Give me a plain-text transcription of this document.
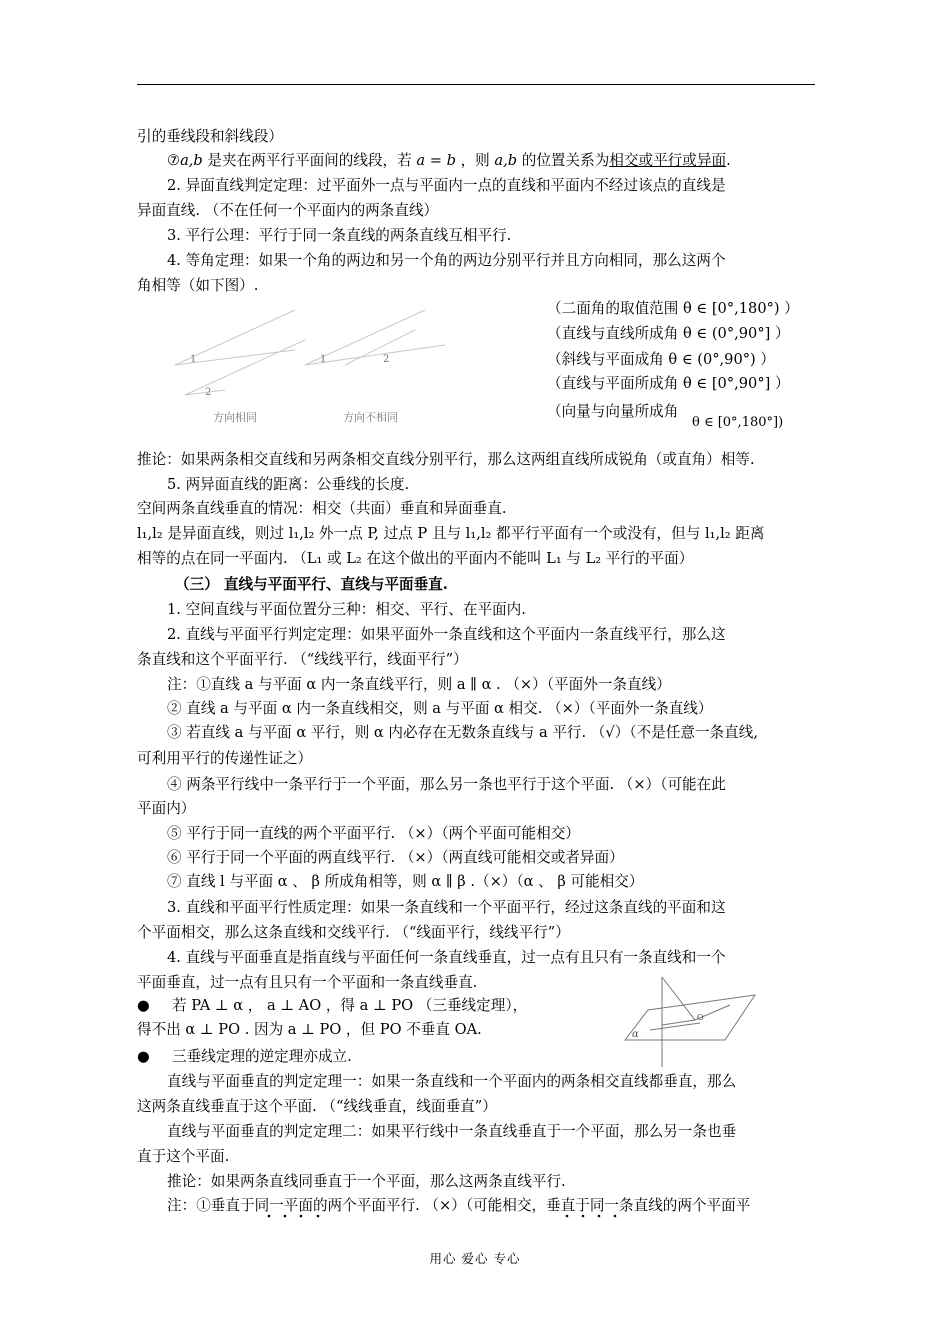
引的垂线段和斜线段）
⑦a,b 是夹在两平行平面间的线段，若 a = b ，则 a,b 的位置关系为相交或平行或异面.
2. 异面直线判定定理：过平面外一点与平面内一点的直线和平面内不经过该点的直线是
异面直线. （不在任何一个平面内的两条直线）
3. 平行公理：平行于同一条直线的两条直线互相平行.
4. 等角定理：如果一个角的两边和另一个角的两边分别平行并且方向相同，那么这两个
角相等（如下图）.
1
2
1	2
方向相同	方向不相同
（二面角的取值范围 θ ∈ [0°,180°) ）
（直线与直线所成角 θ ∈ (0°,90°] ）
（斜线与平面成角 θ ∈ (0°,90°) ）
（直线与平面所成角 θ ∈ [0°,90°] ）
（向量与向量所成角
θ ∈ [0°,180°])
推论：如果两条相交直线和另两条相交直线分别平行，那么这两组直线所成锐角（或直角）相等.
5. 两异面直线的距离：公垂线的长度.
空间两条直线垂直的情况：相交（共面）垂直和异面垂直.
l₁,l₂ 是异面直线，则过 l₁,l₂ 外一点 P, 过点 P 且与 l₁,l₂ 都平行平面有一个或没有，但与 l₁,l₂ 距离
相等的点在同一平面内. （L₁ 或 L₂ 在这个做出的平面内不能叫 L₁ 与 L₂ 平行的平面）
（三） 直线与平面平行、直线与平面垂直.
1. 空间直线与平面位置分三种：相交、平行、在平面内.
2. 直线与平面平行判定定理：如果平面外一条直线和这个平面内一条直线平行，那么这
条直线和这个平面平行. （“线线平行，线面平行”）
注：①直线 a 与平面 α 内一条直线平行，则 a ∥ α . （×）（平面外一条直线）
② 直线 a 与平面 α 内一条直线相交，则 a 与平面 α 相交. （×）（平面外一条直线）
③ 若直线 a 与平面 α 平行，则 α 内必存在无数条直线与 a 平行. （√）（不是任意一条直线,
可利用平行的传递性证之）
④ 两条平行线中一条平行于一个平面，那么另一条也平行于这个平面. （×）（可能在此
平面内）
⑤ 平行于同一直线的两个平面平行. （×）（两个平面可能相交）
⑥ 平行于同一个平面的两直线平行. （×）（两直线可能相交或者异面）
⑦ 直线 l 与平面 α 、 β 所成角相等，则 α ∥ β .（×）（α 、 β 可能相交）
3. 直线和平面平行性质定理：如果一条直线和一个平面平行，经过这条直线的平面和这
个平面相交，那么这条直线和交线平行. （“线面平行，线线平行”）
4. 直线与平面垂直是指直线与平面任何一条直线垂直，过一点有且只有一条直线和一个
平面垂直，过一点有且只有一个平面和一条直线垂直.
● 若 PA ⊥ α ， a ⊥ AO ，得 a ⊥ PO （三垂线定理），
得不出 α ⊥ PO . 因为 a ⊥ PO ，但 PO 不垂直 OA.	α
O
● 三垂线定理的逆定理亦成立.
直线与平面垂直的判定定理一：如果一条直线和一个平面内的两条相交直线都垂直，那么
这两条直线垂直于这个平面. （“线线垂直，线面垂直”）
直线与平面垂直的判定定理二：如果平行线中一条直线垂直于一个平面，那么另一条也垂
直于这个平面.
推论：如果两条直线同垂直于一个平面，那么这两条直线平行.
注：①垂直于同一平面的两个平面平行. （×）（可能相交，垂直于同一条直线的两个平面平
用心 爱心 专心
